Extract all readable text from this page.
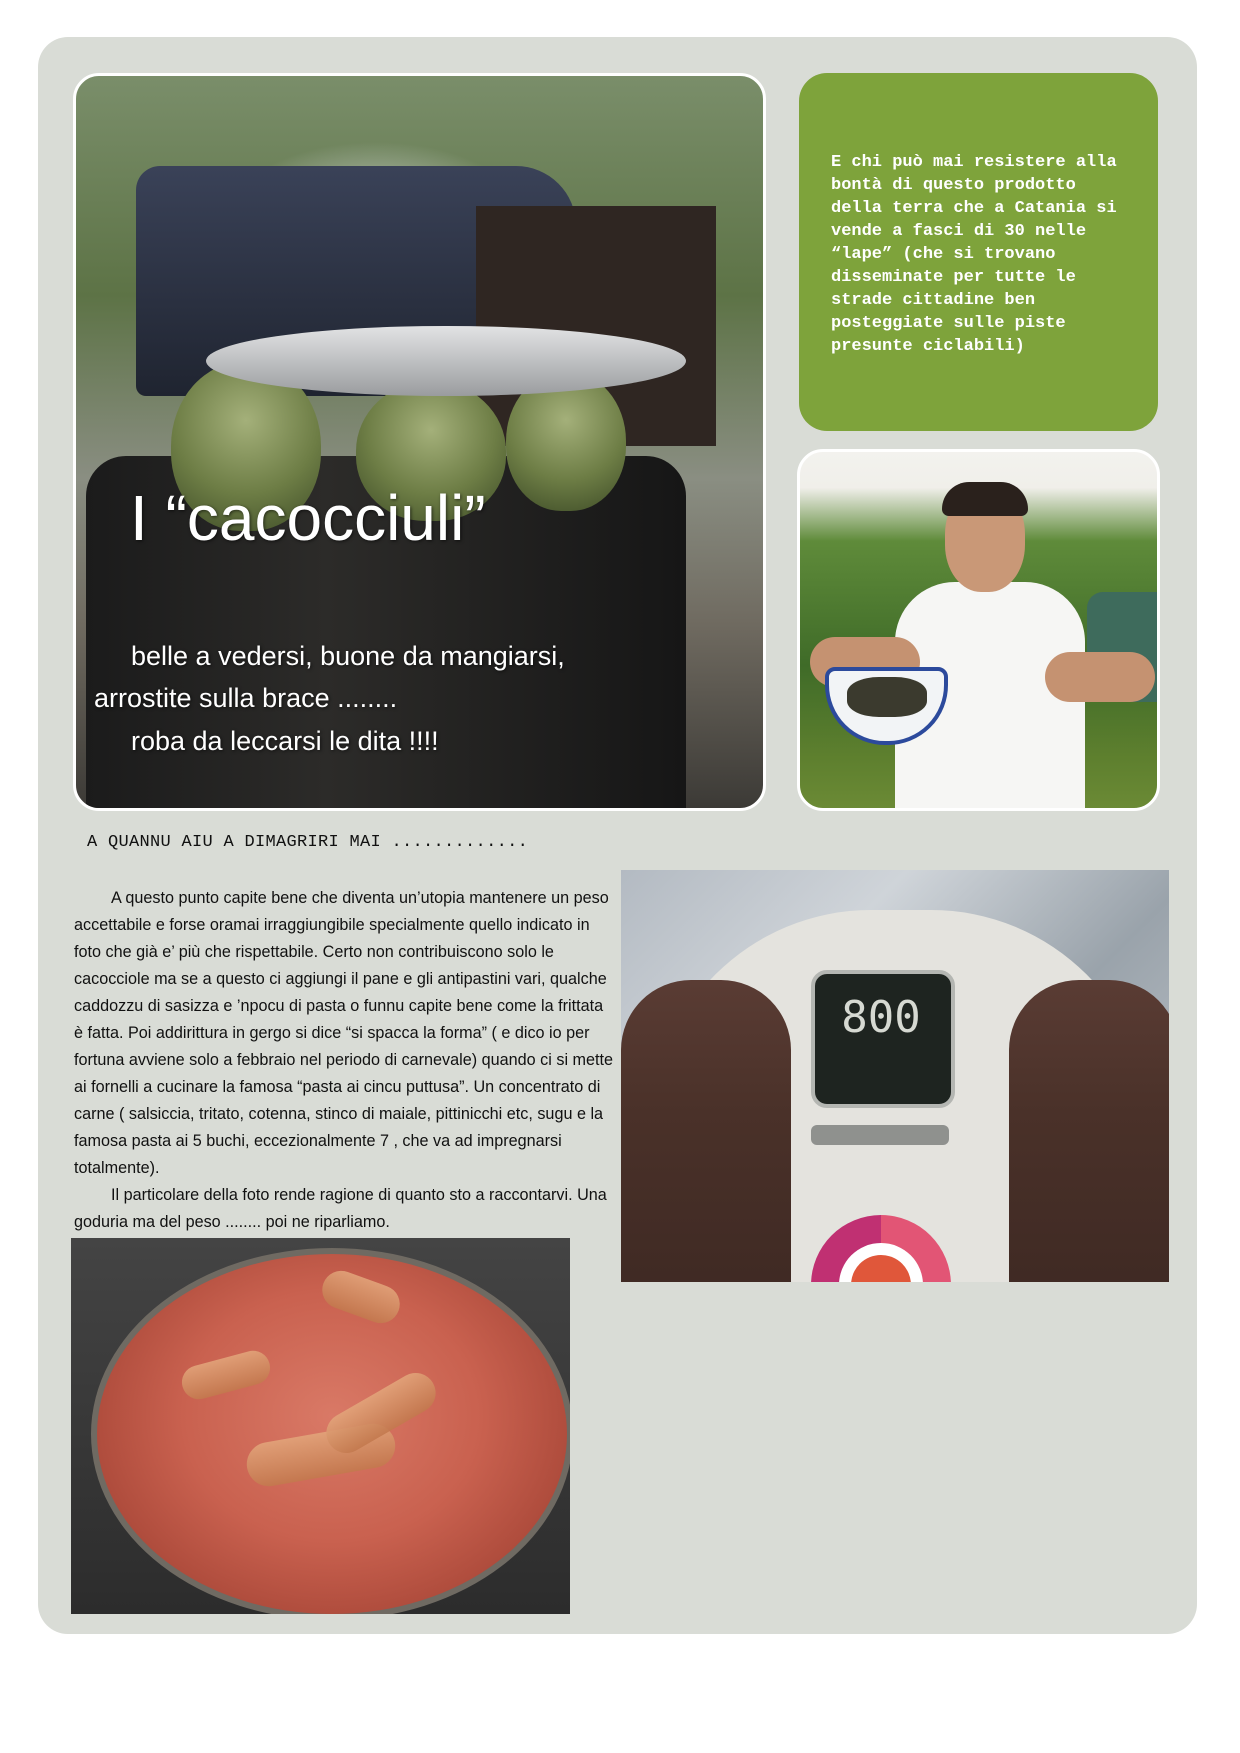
I “cacocciuli”
belle a vedersi, buone da mangiarsi,
arrostite sulla brace ........
roba da leccarsi le dita !!!!

E chi può mai resistere alla bontà di questo prodotto della terra che a Catania si vende a fasci di 30 nelle “lape” (che si trovano disseminate per tutte le strade cittadine ben posteggiate sulle piste presunte ciclabili)

A QUANNU AIU A DIMAGRIRI MAI .............

A questo punto capite bene che diventa un’utopia mantenere un peso accettabile e forse oramai irraggiungibile specialmente quello indicato in foto che già e’ più che rispettabile. Certo non contribuiscono solo le cacocciole ma se a questo ci aggiungi il pane e gli antipastini vari, qualche caddozzu di sasizza e ’npocu di pasta o funnu capite bene come la frittata è fatta. Poi addirittura in gergo si dice “si spacca la forma” ( e dico io per fortuna avviene solo a febbraio nel periodo di carnevale) quando ci si mette ai fornelli a cucinare la famosa “pasta ai cincu puttusa”. Un concentrato di carne ( salsiccia, tritato, cotenna, stinco di maiale, pittinicchi etc, sugu e la famosa pasta ai 5 buchi, eccezionalmente 7 , che va ad impregnarsi totalmente).

Il particolare della foto rende ragione di quanto sto a raccontarvi. Una goduria ma del peso ........ poi ne riparliamo.

800
